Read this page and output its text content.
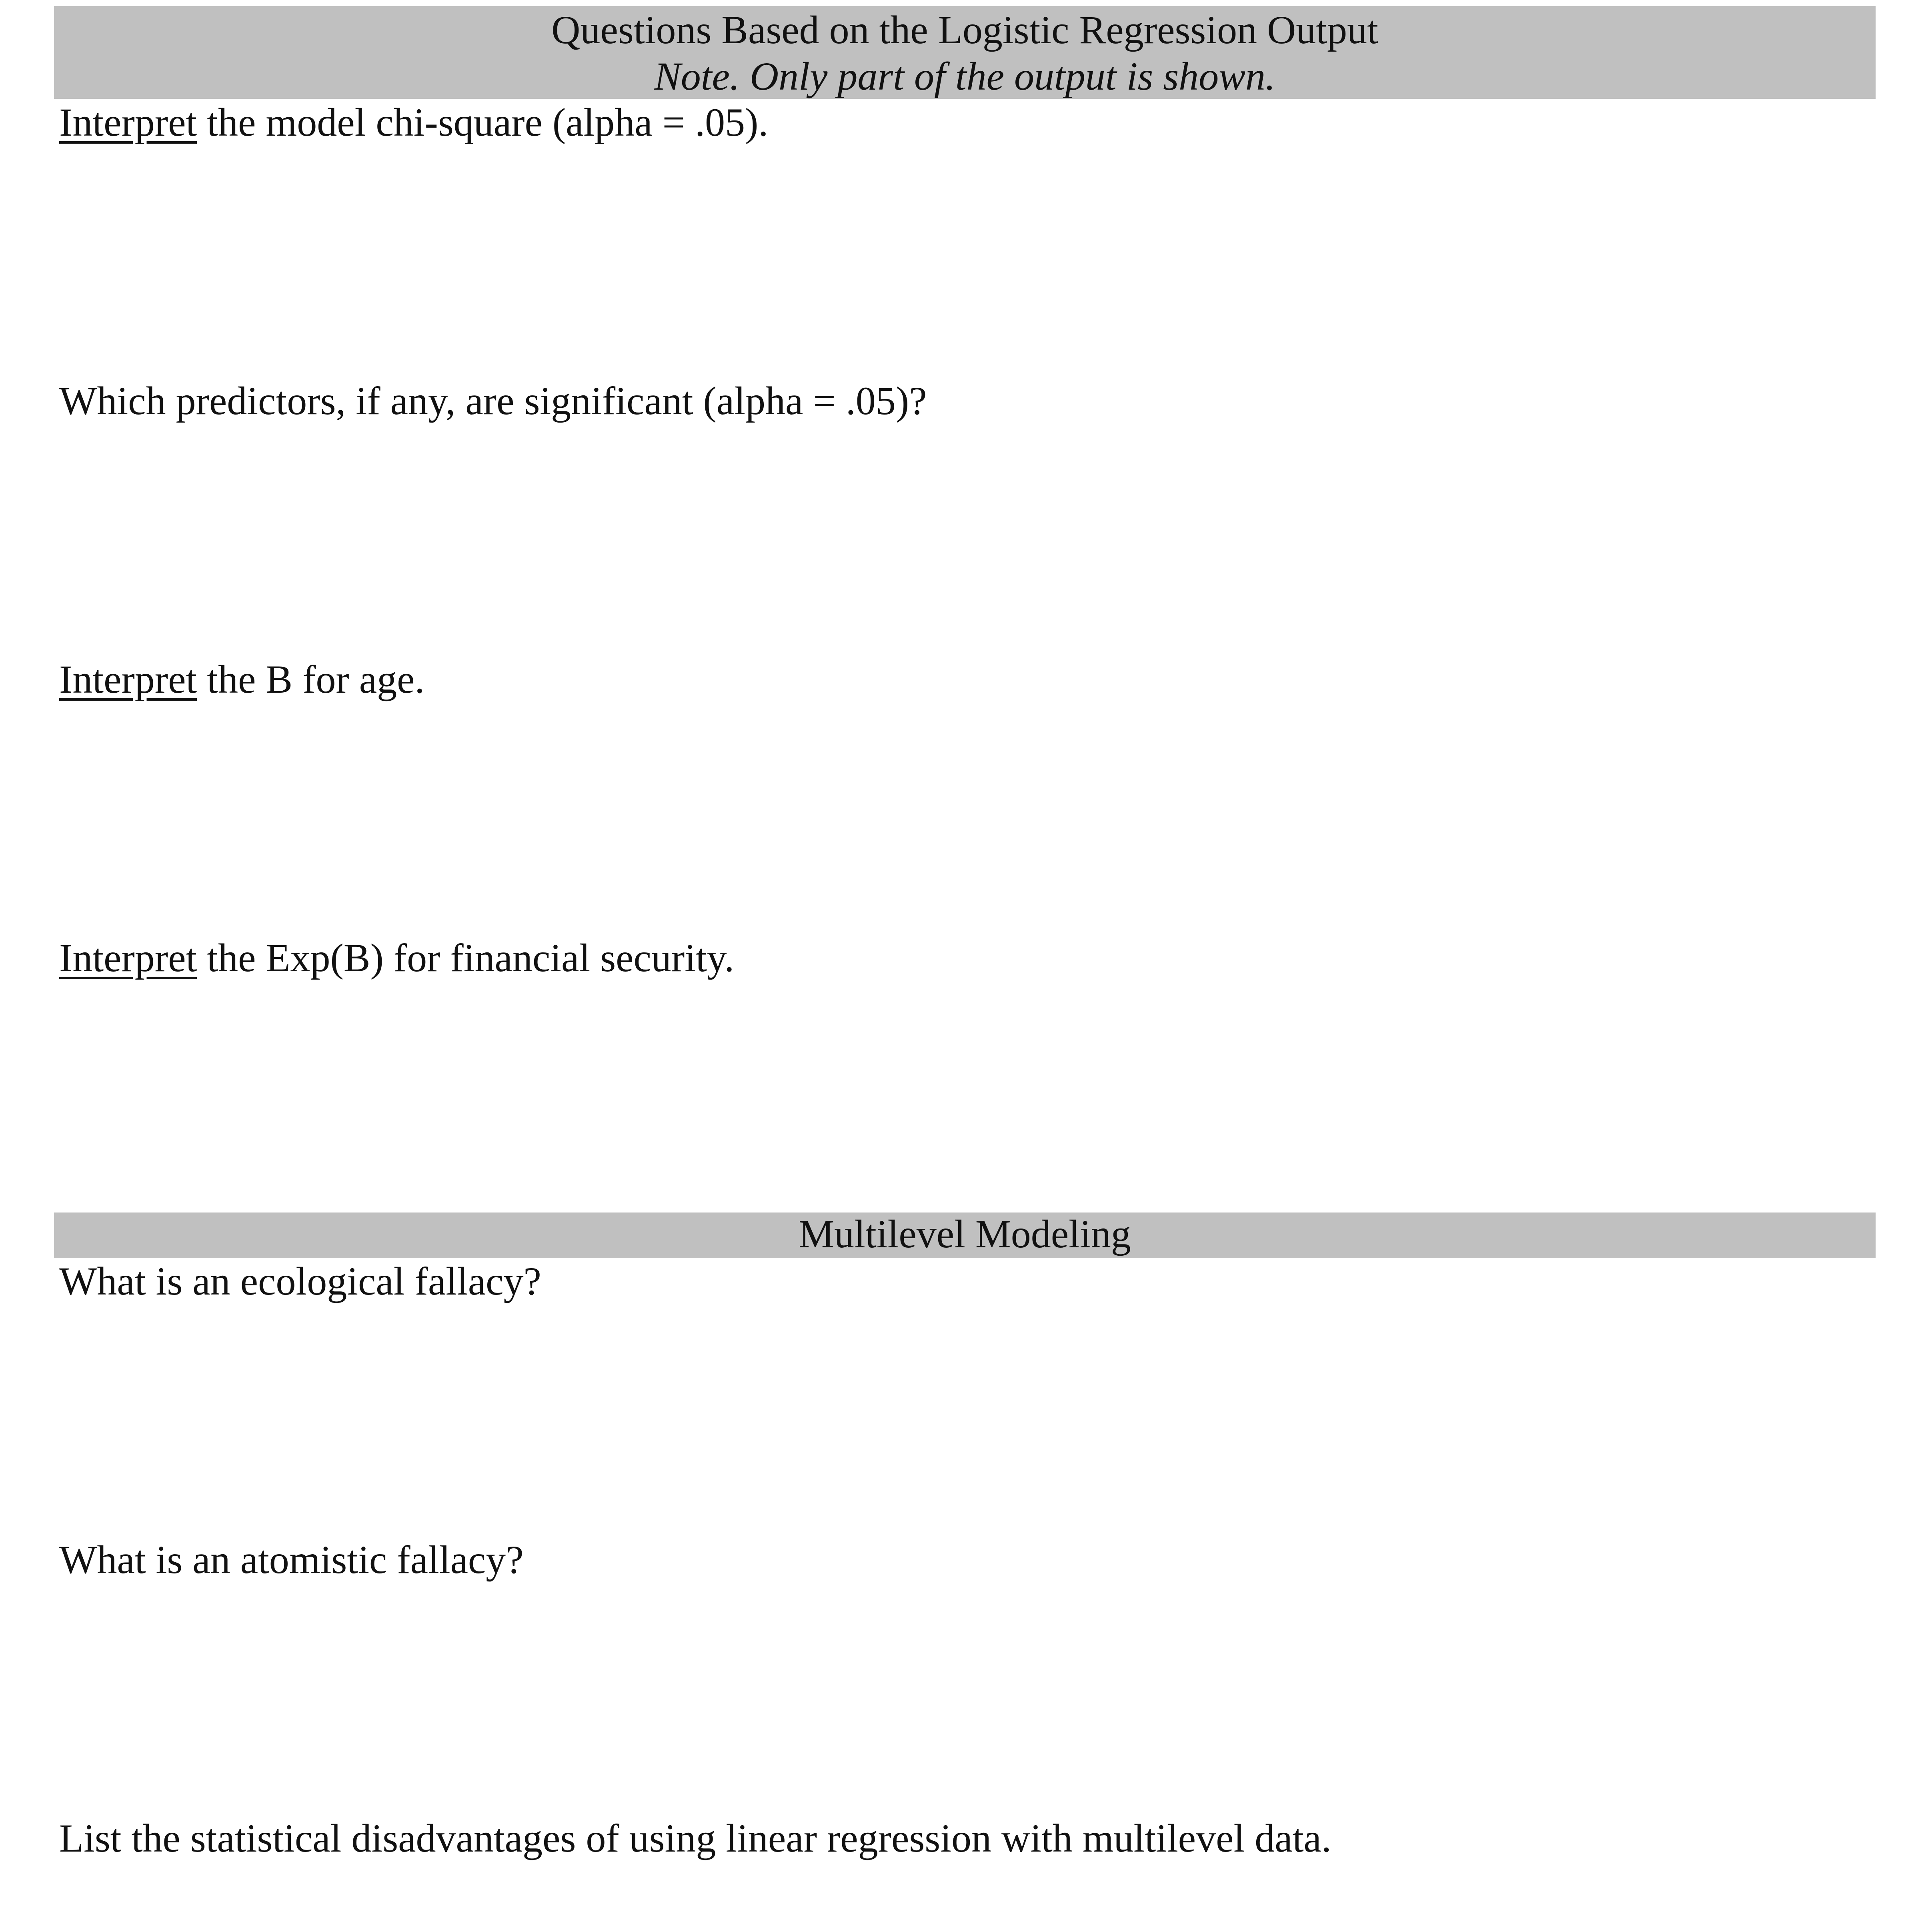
Questions Based on the Logistic Regression Output
Note. Only part of the output is shown.
Interpret the model chi-square (alpha = .05).
Which predictors, if any, are significant (alpha = .05)?
Interpret the B for age.
Interpret the Exp(B) for financial security.
Multilevel Modeling
What is an ecological fallacy?
What is an atomistic fallacy?
List the statistical disadvantages of using linear regression with multilevel data.
